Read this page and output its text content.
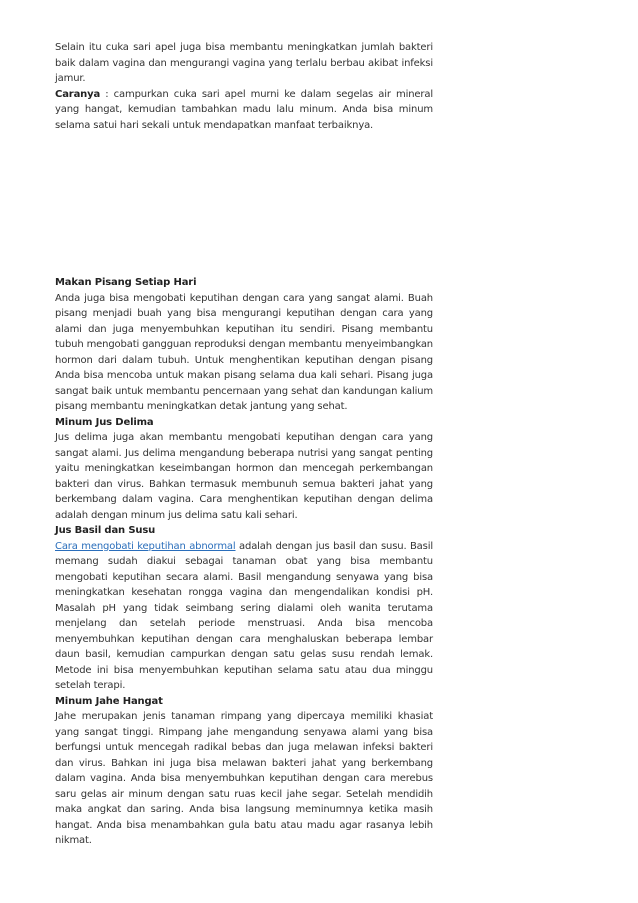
Selain itu cuka sari apel juga bisa membantu meningkatkan jumlah bakteri baik dalam vagina dan mengurangi vagina yang terlalu berbau akibat infeksi jamur.

Caranya : campurkan cuka sari apel murni ke dalam segelas air mineral yang hangat, kemudian tambahkan madu lalu minum. Anda bisa minum selama satui hari sekali untuk mendapatkan manfaat terbaiknya.

Makan Pisang Setiap Hari

Anda juga bisa mengobati keputihan dengan cara yang sangat alami. Buah pisang menjadi buah yang bisa mengurangi keputihan dengan cara yang alami dan juga menyembuhkan keputihan itu sendiri. Pisang membantu tubuh mengobati gangguan reproduksi dengan membantu menyeimbangkan hormon dari dalam tubuh. Untuk menghentikan keputihan dengan pisang Anda bisa mencoba untuk makan pisang selama dua kali sehari. Pisang juga sangat baik untuk membantu pencernaan yang sehat dan kandungan kalium pisang membantu meningkatkan detak jantung yang sehat.

Minum Jus Delima

Jus delima juga akan membantu mengobati keputihan dengan cara yang sangat alami. Jus delima mengandung beberapa nutrisi yang sangat penting yaitu meningkatkan keseimbangan hormon dan mencegah perkembangan bakteri dan virus. Bahkan termasuk membunuh semua bakteri jahat yang berkembang dalam vagina. Cara menghentikan keputihan dengan delima adalah dengan minum jus delima satu kali sehari.

Jus Basil dan Susu

Cara mengobati keputihan abnormal adalah dengan jus basil dan susu. Basil memang sudah diakui sebagai tanaman obat yang bisa membantu mengobati keputihan secara alami. Basil mengandung senyawa yang bisa meningkatkan kesehatan rongga vagina dan mengendalikan kondisi pH. Masalah pH yang tidak seimbang sering dialami oleh wanita terutama menjelang dan setelah periode menstruasi. Anda bisa mencoba menyembuhkan keputihan dengan cara menghaluskan beberapa lembar daun basil, kemudian campurkan dengan satu gelas susu rendah lemak. Metode ini bisa menyembuhkan keputihan selama satu atau dua minggu setelah terapi.

Minum Jahe Hangat

Jahe merupakan jenis tanaman rimpang yang dipercaya memiliki khasiat yang sangat tinggi. Rimpang jahe mengandung senyawa alami yang bisa berfungsi untuk mencegah radikal bebas dan juga melawan infeksi bakteri dan virus. Bahkan ini juga bisa melawan bakteri jahat yang berkembang dalam vagina. Anda bisa menyembuhkan keputihan dengan cara merebus saru gelas air minum dengan satu ruas kecil jahe segar. Setelah mendidih maka angkat dan saring. Anda bisa langsung meminumnya ketika masih hangat. Anda bisa menambahkan gula batu atau madu agar rasanya lebih nikmat.
